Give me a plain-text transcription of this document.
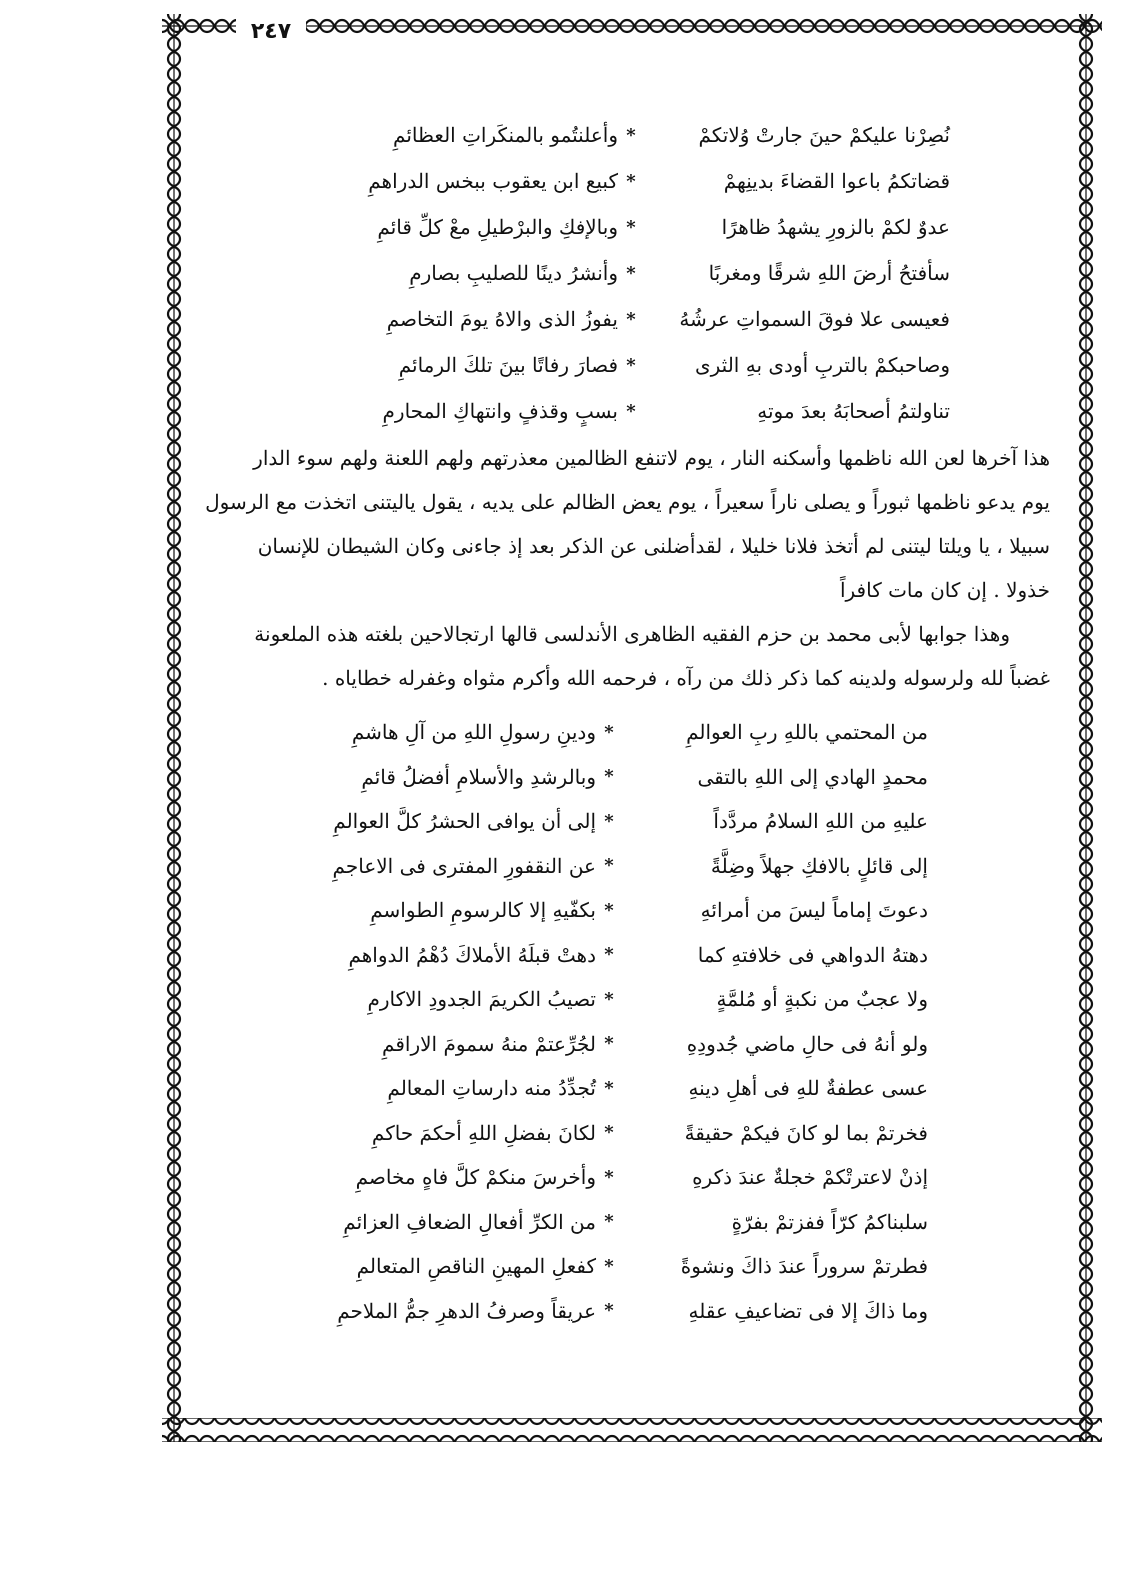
٢٤٧
نُصِرْنا عليكمْ حينَ جارتْ وُلاتكمْ
*
وأعلنتُمو بالمنكَراتِ العظائمِ
قضاتكمُ باعوا القضاءَ بدينِهمْ
*
كبيع ابن يعقوب ببخس الدراهمِ
عدوٌ لكمْ بالزورِ يشهدُ ظاهرًا
*
وبالإفكِ والبرْطيلِ معْ كلِّ قائمِ
سأفتحُ أرضَ اللهِ شرقًا ومغربًا
*
وأنشرُ دينًا للصليبِ بصارمِ
فعيسى علا فوقَ السمواتِ عرشُهُ
*
يفوزُ الذى والاهُ يومَ التخاصمِ
وصاحبكمْ بالتربِ أودى بهِ الثرى
*
فصارَ رفاتًا بينَ تلكَ الرمائمِ
تناولتمُ أصحابَهُ بعدَ موتهِ
*
بسبٍ وقذفٍ وانتهاكِ المحارمِ
هذا آخرها لعن الله ناظمها وأسكنه النار ، يوم لاتنفع الظالمين معذرتهم ولهم اللعنة ولهم سوء الدار
يوم يدعو ناظمها ثبوراً و يصلى ناراً سعيراً ، يوم يعض الظالم على يديه ، يقول ياليتنى اتخذت مع الرسول
سبيلا ، يا ويلتا ليتنى لم أتخذ فلانا خليلا ، لقدأضلنى عن الذكر بعد إذ جاءنى وكان الشيطان للإنسان
خذولا . إن كان مات كافراً
وهذا جوابها لأبى محمد بن حزم الفقيه الظاهرى الأندلسى قالها ارتجالاحين بلغته هذه الملعونة
غضباً لله ولرسوله ولدينه كما ذكر ذلك من رآه ، فرحمه الله وأكرم مثواه وغفرله خطاياه .
من المحتمي باللهِ ربِ العوالمِ
*
ودينِ رسولِ اللهِ من آلِ هاشمِ
محمدٍ الهادي إلى اللهِ بالتقى
*
وبالرشدِ والأسلامِ أفضلُ قائمِ
عليهِ من اللهِ السلامُ مردَّداً
*
إلى أن يوافى الحشرُ كلَّ العوالمِ
إلى قائلٍ بالافكِ جهلاً وضِلَّةً
*
عن النقفورِ المفترى فى الاعاجمِ
دعوتَ إماماً ليسَ من أمرائهِ
*
بكفّيهِ إلا كالرسومِ الطواسمِ
دهتهُ الدواهي فى خلافتهِ كما
*
دهتْ قبلَهُ الأملاكَ دُهْمُ الدواهمِ
ولا عجبٌ من نكبةٍ أو مُلمَّةٍ
*
تصيبُ الكريمَ الجدودِ الاكارمِ
ولو أنهُ فى حالِ ماضي جُدودِهِ
*
لجُرِّعتمْ منهُ سمومَ الاراقمِ
عسى عطفةٌ للهِ فى أهلِ دينهِ
*
تُجدِّدُ منه دارساتِ المعالمِ
فخرتمْ بما لو كانَ فيكمْ حقيقةً
*
لكانَ بفضلِ اللهِ أحكمَ حاكمِ
إذنْ لاعترتْكمْ خجلةٌ عندَ ذكرهِ
*
وأخرسَ منكمْ كلَّ فاهٍ مخاصمِ
سلبناكمُ كرّاً ففزتمْ بفرّةٍ
*
من الكرِّ أفعالِ الضعافِ العزائمِ
فطرتمْ سروراً عندَ ذاكَ ونشوةً
*
كفعلِ المهينِ الناقصِ المتعالمِ
وما ذاكَ إلا فى تضاعيفِ عقلهِ
*
عريقاً وصرفُ الدهرِ جمُّ الملاحمِ
